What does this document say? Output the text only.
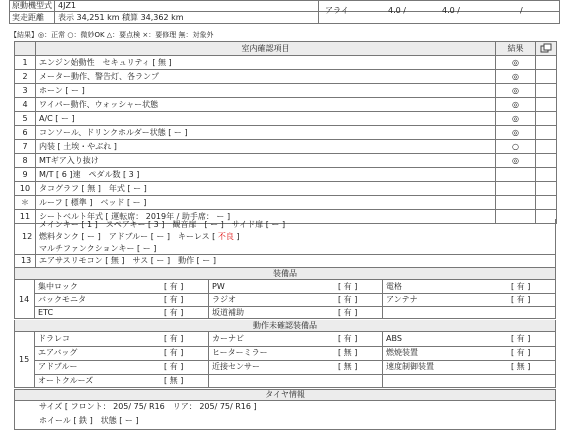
原動機型式 4JZ1
実走距離 表示 34,251 km 積算 34,362 km
アライ	4.0 /	4.0 /	/
【結果】◎：正常 ○：微妙OK △：要点検 ×：要修理 無：対象外
	室内確認項目	結果	
1	エンジン始動性　セキュリティ [ 無 ]	◎	
2	メーター動作、警告灯、各ランプ	◎	
3	ホーン [ ー ]	◎	
4	ワイパー動作、ウォッシャー状態	◎	
5	A/C [ ー ]	◎	
6	コンソール、ドリンクホルダー状態 [ ー ]	◎	
7	内装 [ 土埃・やぶれ ]	○	
8	MTギア入り抜け	◎	
9	M/T [ 6 ]速　ペダル数 [ 3 ]		
10	タコグラフ [ 無 ]　年式 [ ー ]		
＊	ルーフ [ 標準 ]　ベッド [ ー ]		
11	シートベルト年式 [ 運転席： 2019年 / 助手席： ー ]		
12
メインキー [ 1 ]　スペアキー [ 3 ]　観音扉　[ ー ]　サイド扉 [ ー ]
燃料タンク [ ー ]　アドブルー [ ー ]　キーレス [ 不良 ]
マルチファンクションキー [ ー ]
13 エアサスリモコン [ 無 ]　サス [ ー ]　動作 [ ー ]
装備品
14
集中ロック	[ 有 ]	PW	[ 有 ]	電格	[ 有 ]
バックモニタ	[ 有 ]	ラジオ	[ 有 ]	アンテナ	[ 有 ]
ETC	[ 有 ]	坂道補助	[ 有 ]
動作未確認装備品
15
ドラレコ	[ 有 ]	カーナビ	[ 有 ]	ABS	[ 有 ]
エアバッグ	[ 有 ]	ヒーターミラー	[ 無 ]	燃焼装置	[ 有 ]
アドブルー	[ 有 ]	近接センサー	[ 無 ]	速度制御装置	[ 無 ]
オートクルーズ	[ 無 ]
タイヤ情報
サイズ [ フロント： 205/ 75/ R16　リア： 205/ 75/ R16 ]
ホイール [ 鉄 ]　状態 [ ー ]
